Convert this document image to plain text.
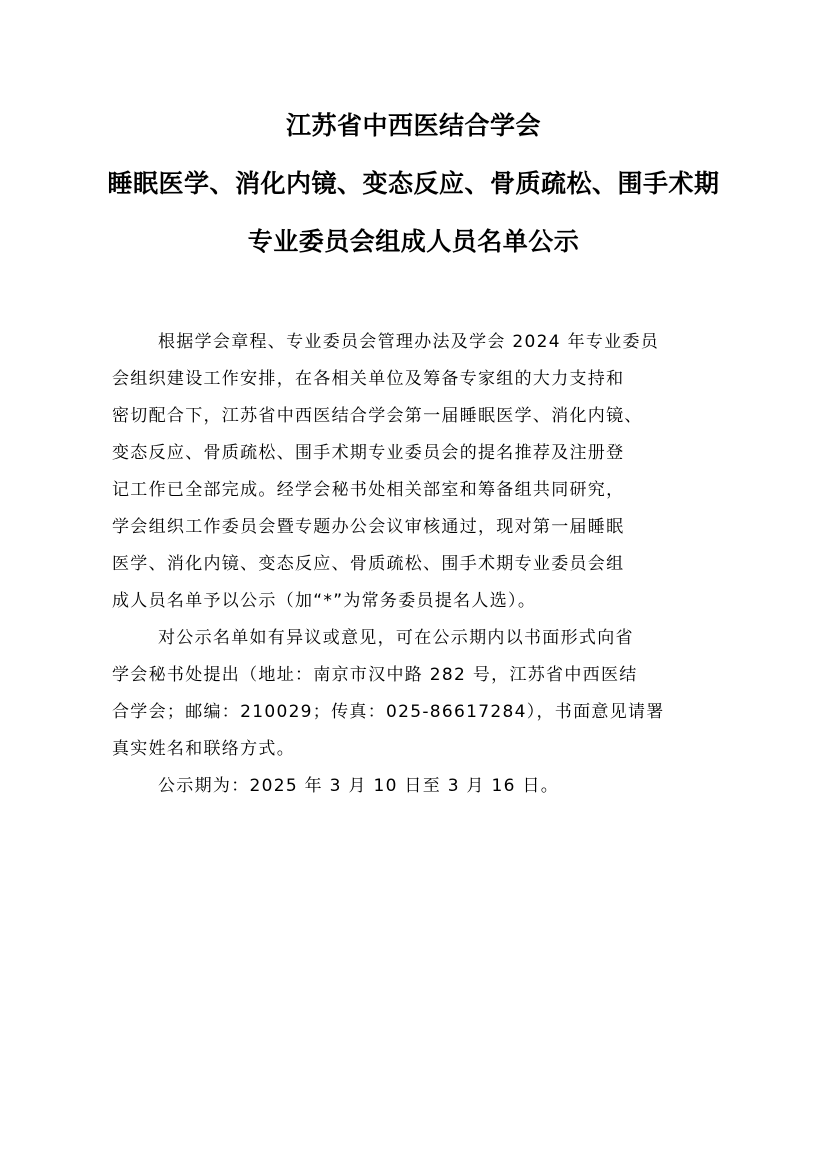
江苏省中西医结合学会
睡眠医学、消化内镜、变态反应、骨质疏松、围手术期
专业委员会组成人员名单公示
根据学会章程、专业委员会管理办法及学会 2024 年专业委员
会组织建设工作安排，在各相关单位及筹备专家组的大力支持和
密切配合下，江苏省中西医结合学会第一届睡眠医学、消化内镜、
变态反应、骨质疏松、围手术期专业委员会的提名推荐及注册登
记工作已全部完成。经学会秘书处相关部室和筹备组共同研究，
学会组织工作委员会暨专题办公会议审核通过，现对第一届睡眠
医学、消化内镜、变态反应、骨质疏松、围手术期专业委员会组
成人员名单予以公示（加“*”为常务委员提名人选）。
对公示名单如有异议或意见，可在公示期内以书面形式向省
学会秘书处提出（地址：南京市汉中路 282 号，江苏省中西医结
合学会；邮编：210029；传真：025-86617284），书面意见请署
真实姓名和联络方式。
公示期为：2025 年 3 月 10 日至 3 月 16 日。
